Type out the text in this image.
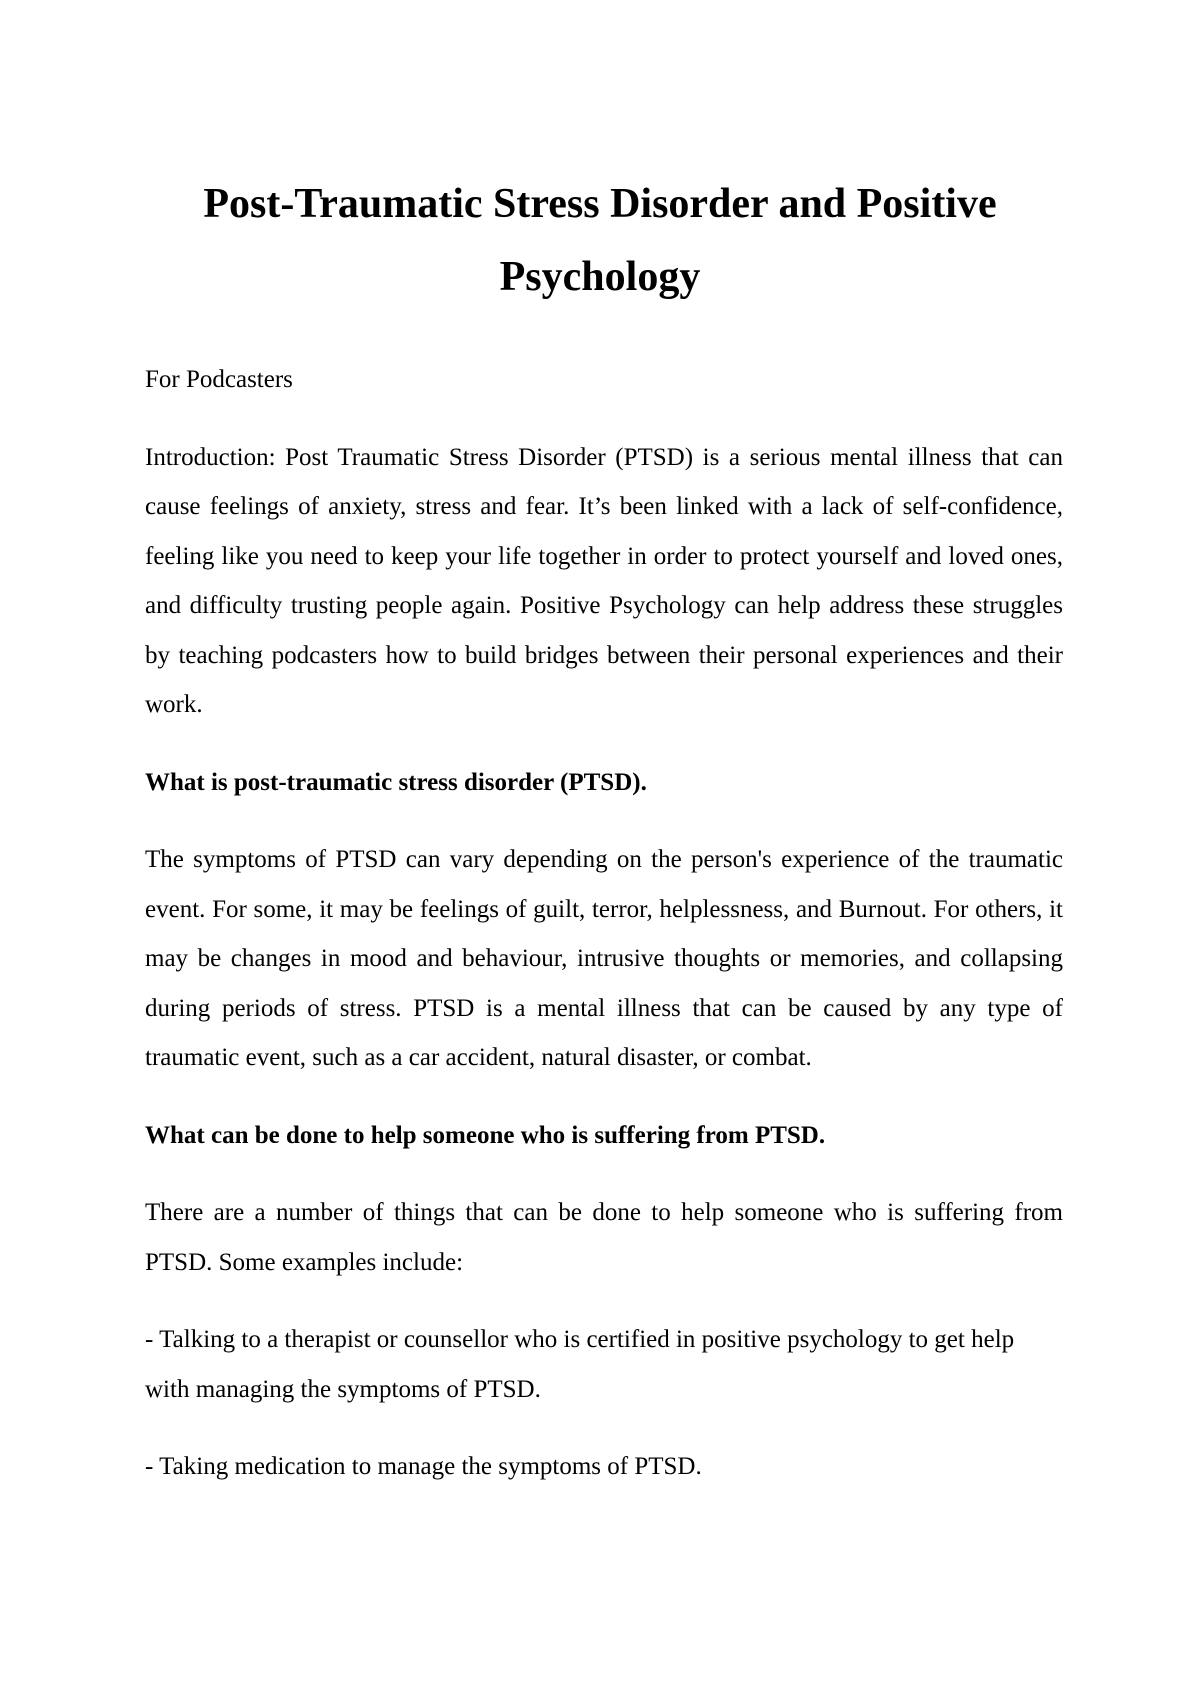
Post-Traumatic Stress Disorder and Positive Psychology

For Podcasters

Introduction: Post Traumatic Stress Disorder (PTSD) is a serious mental illness that can cause feelings of anxiety, stress and fear. It’s been linked with a lack of self-confidence, feeling like you need to keep your life together in order to protect yourself and loved ones, and difficulty trusting people again. Positive Psychology can help address these struggles by teaching podcasters how to build bridges between their personal experiences and their work.

What is post-traumatic stress disorder (PTSD).

The symptoms of PTSD can vary depending on the person's experience of the traumatic event. For some, it may be feelings of guilt, terror, helplessness, and Burnout. For others, it may be changes in mood and behaviour, intrusive thoughts or memories, and collapsing during periods of stress. PTSD is a mental illness that can be caused by any type of traumatic event, such as a car accident, natural disaster, or combat.

What can be done to help someone who is suffering from PTSD.

There are a number of things that can be done to help someone who is suffering from PTSD. Some examples include:

- Talking to a therapist or counsellor who is certified in positive psychology to get help with managing the symptoms of PTSD.

- Taking medication to manage the symptoms of PTSD.
